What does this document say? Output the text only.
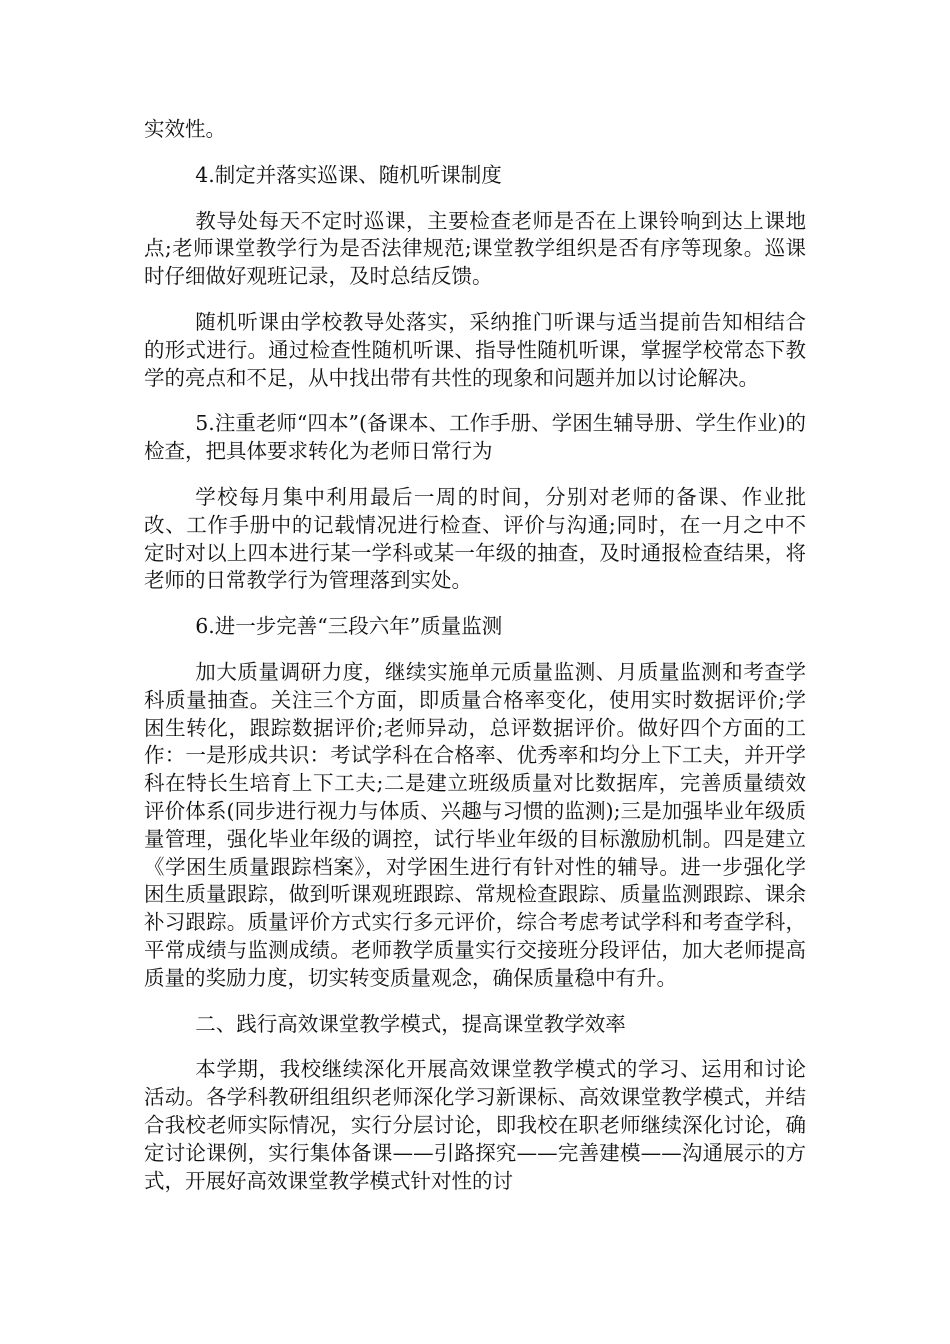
实效性。

4.制定并落实巡课、随机听课制度

教导处每天不定时巡课，主要检查老师是否在上课铃响到达上课地点;老师课堂教学行为是否法律规范;课堂教学组织是否有序等现象。巡课时仔细做好观班记录，及时总结反馈。

随机听课由学校教导处落实，采纳推门听课与适当提前告知相结合的形式进行。通过检查性随机听课、指导性随机听课，掌握学校常态下教学的亮点和不足，从中找出带有共性的现象和问题并加以讨论解决。

5.注重老师“四本”(备课本、工作手册、学困生辅导册、学生作业)的检查，把具体要求转化为老师日常行为

学校每月集中利用最后一周的时间，分别对老师的备课、作业批改、工作手册中的记载情况进行检查、评价与沟通;同时，在一月之中不定时对以上四本进行某一学科或某一年级的抽查，及时通报检查结果，将老师的日常教学行为管理落到实处。

6.进一步完善“三段六年”质量监测

加大质量调研力度，继续实施单元质量监测、月质量监测和考查学科质量抽查。关注三个方面，即质量合格率变化，使用实时数据评价;学困生转化，跟踪数据评价;老师异动，总评数据评价。做好四个方面的工作：一是形成共识：考试学科在合格率、优秀率和均分上下工夫，并开学科在特长生培育上下工夫;二是建立班级质量对比数据库，完善质量绩效评价体系(同步进行视力与体质、兴趣与习惯的监测);三是加强毕业年级质量管理，强化毕业年级的调控，试行毕业年级的目标激励机制。四是建立《学困生质量跟踪档案》，对学困生进行有针对性的辅导。进一步强化学困生质量跟踪，做到听课观班跟踪、常规检查跟踪、质量监测跟踪、课余补习跟踪。质量评价方式实行多元评价，综合考虑考试学科和考查学科，平常成绩与监测成绩。老师教学质量实行交接班分段评估，加大老师提高质量的奖励力度，切实转变质量观念，确保质量稳中有升。

二、践行高效课堂教学模式，提高课堂教学效率

本学期，我校继续深化开展高效课堂教学模式的学习、运用和讨论活动。各学科教研组组织老师深化学习新课标、高效课堂教学模式，并结合我校老师实际情况，实行分层讨论，即我校在职老师继续深化讨论，确定讨论课例，实行集体备课——引路探究——完善建模——沟通展示的方式，开展好高效课堂教学模式针对性的讨
